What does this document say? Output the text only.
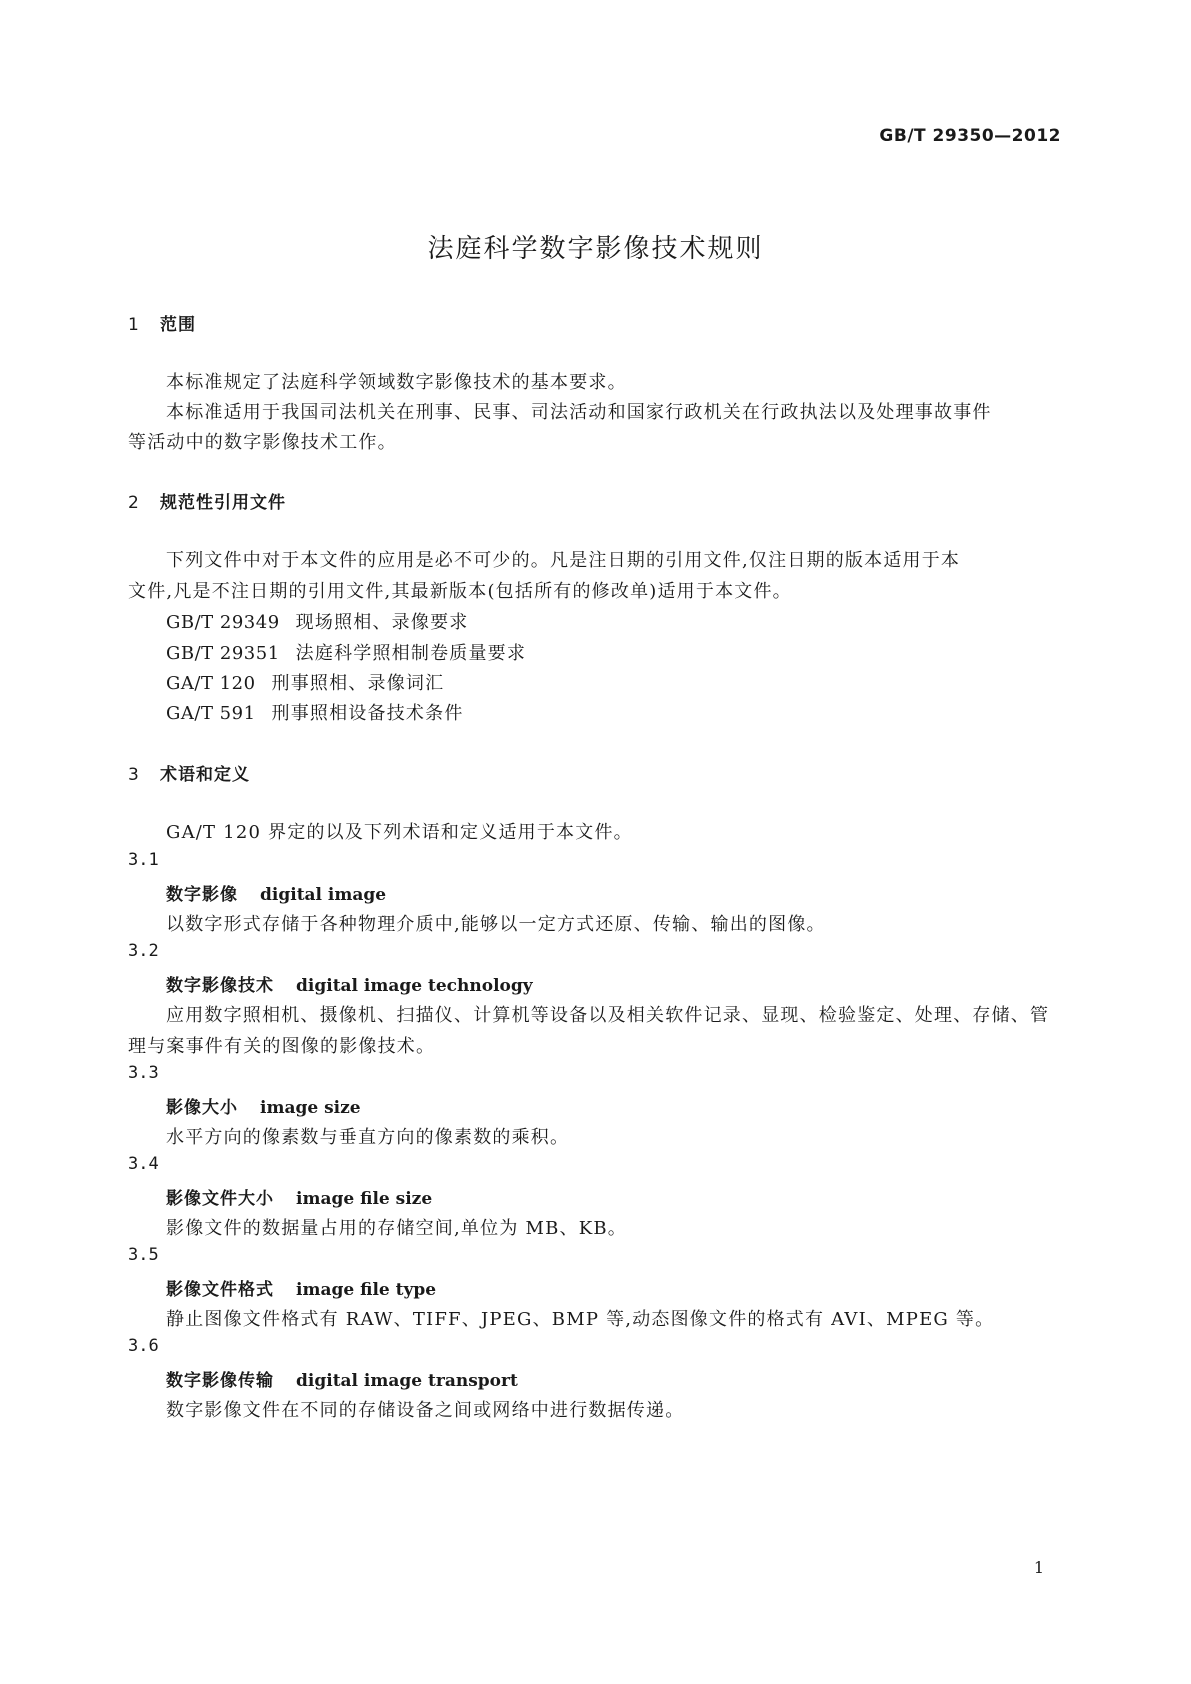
GB/T 29350—2012
法庭科学数字影像技术规则
1 范围
本标准规定了法庭科学领域数字影像技术的基本要求。
本标准适用于我国司法机关在刑事、民事、司法活动和国家行政机关在行政执法以及处理事故事件
等活动中的数字影像技术工作。
2 规范性引用文件
下列文件中对于本文件的应用是必不可少的。凡是注日期的引用文件,仅注日期的版本适用于本
文件,凡是不注日期的引用文件,其最新版本(包括所有的修改单)适用于本文件。
GB/T 29349 现场照相、录像要求
GB/T 29351 法庭科学照相制卷质量要求
GA/T 120 刑事照相、录像词汇
GA/T 591 刑事照相设备技术条件
3 术语和定义
GA/T 120 界定的以及下列术语和定义适用于本文件。
3.1
数字影像 digital image
以数字形式存储于各种物理介质中,能够以一定方式还原、传输、输出的图像。
3.2
数字影像技术 digital image technology
应用数字照相机、摄像机、扫描仪、计算机等设备以及相关软件记录、显现、检验鉴定、处理、存储、管
理与案事件有关的图像的影像技术。
3.3
影像大小 image size
水平方向的像素数与垂直方向的像素数的乘积。
3.4
影像文件大小 image file size
影像文件的数据量占用的存储空间,单位为 MB、KB。
3.5
影像文件格式 image file type
静止图像文件格式有 RAW、TIFF、JPEG、BMP 等,动态图像文件的格式有 AVI、MPEG 等。
3.6
数字影像传输 digital image transport
数字影像文件在不同的存储设备之间或网络中进行数据传递。
1
